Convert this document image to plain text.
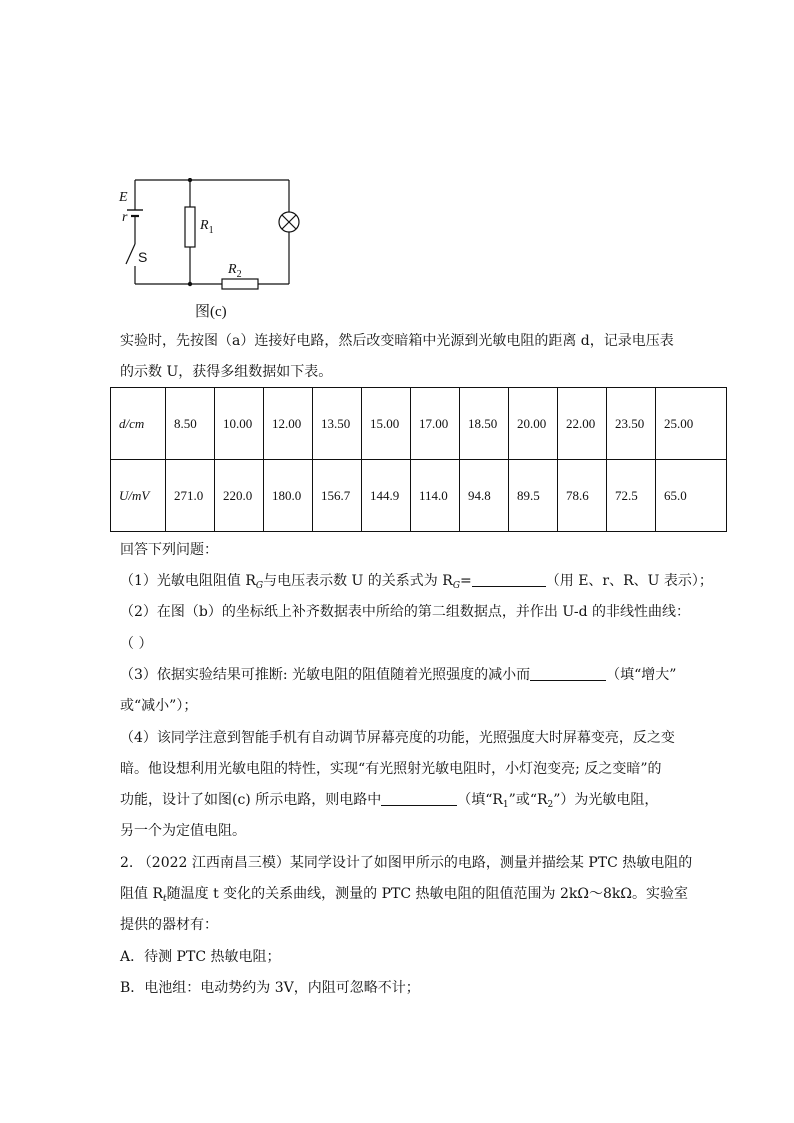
E
r
$R_1$
$R_2$
S
图(c)
实验时，先按图（a）连接好电路，然后改变暗箱中光源到光敏电阻的距离 d，记录电压表
的示数 U，获得多组数据如下表。
d/cm	8.50	10.00	12.00	13.50	15.00	17.00	18.50	20.00	22.00	23.50	25.00
U/mV	271.0	220.0	180.0	156.7	144.9	114.0	94.8	89.5	78.6	72.5	65.0
回答下列问题：
（1）光敏电阻阻值 $R_G$与电压表示数 U 的关系式为 $R_G=$	（用 E、r、R、U 表示）；
（2）在图（b）的坐标纸上补齐数据表中所给的第二组数据点，并作出 U-d 的非线性曲线：
（ ）
（3）依据实验结果可推断: 光敏电阻的阻值随着光照强度的减小而	（填“增大”
或“减小”）；
（4）该同学注意到智能手机有自动调节屏幕亮度的功能，光照强度大时屏幕变亮，反之变
暗。他设想利用光敏电阻的特性，实现“有光照射光敏电阻时，小灯泡变亮; 反之变暗”的
功能，设计了如图(c) 所示电路，则电路中	（填“$R_1$”或“$R_2$”）为光敏电阻，
另一个为定值电阻。
2. （2022 江西南昌三模）某同学设计了如图甲所示的电路，测量并描绘某 PTC 热敏电阻的
阻值 $R_t$随温度 t 变化的关系曲线，测量的 PTC 热敏电阻的阻值范围为 2kΩ～8kΩ。实验室
提供的器材有：
A．待测 PTC 热敏电阻；
B．电池组：电动势约为 3V，内阻可忽略不计；
